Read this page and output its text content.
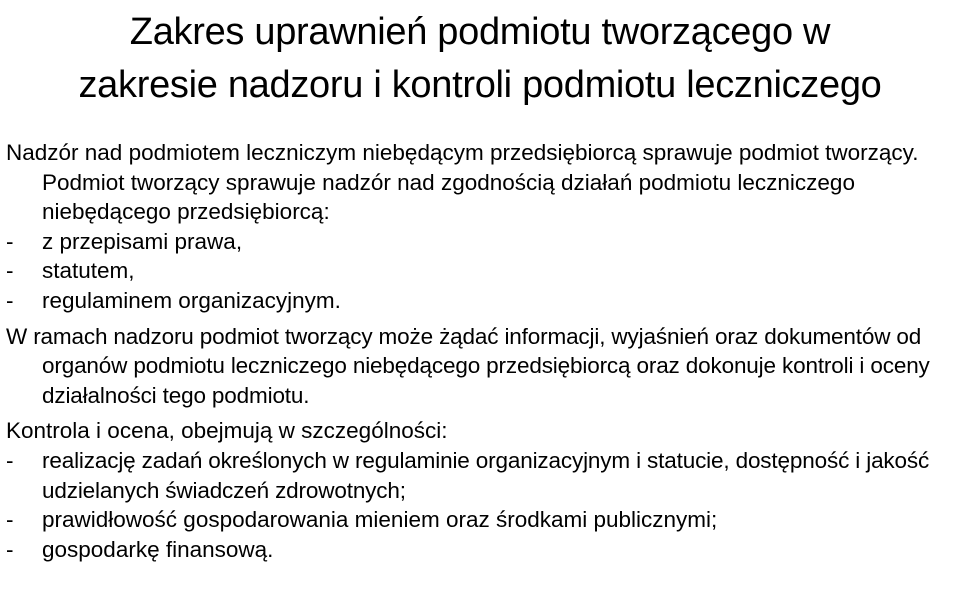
Zakres uprawnień podmiotu tworzącego w
zakresie nadzoru i kontroli podmiotu leczniczego

Nadzór nad podmiotem leczniczym niebędącym przedsiębiorcą sprawuje podmiot tworzący. Podmiot tworzący sprawuje nadzór nad zgodnością działań podmiotu leczniczego niebędącego przedsiębiorcą:

- z przepisami prawa,
- statutem,
- regulaminem organizacyjnym.

W ramach nadzoru podmiot tworzący może żądać informacji, wyjaśnień oraz dokumentów od organów podmiotu leczniczego niebędącego przedsiębiorcą oraz dokonuje kontroli i oceny działalności tego podmiotu.

Kontrola i ocena, obejmują w szczególności:

- realizację zadań określonych w regulaminie organizacyjnym i statucie, dostępność i jakość udzielanych świadczeń zdrowotnych;
- prawidłowość gospodarowania mieniem oraz środkami publicznymi;
- gospodarkę finansową.
